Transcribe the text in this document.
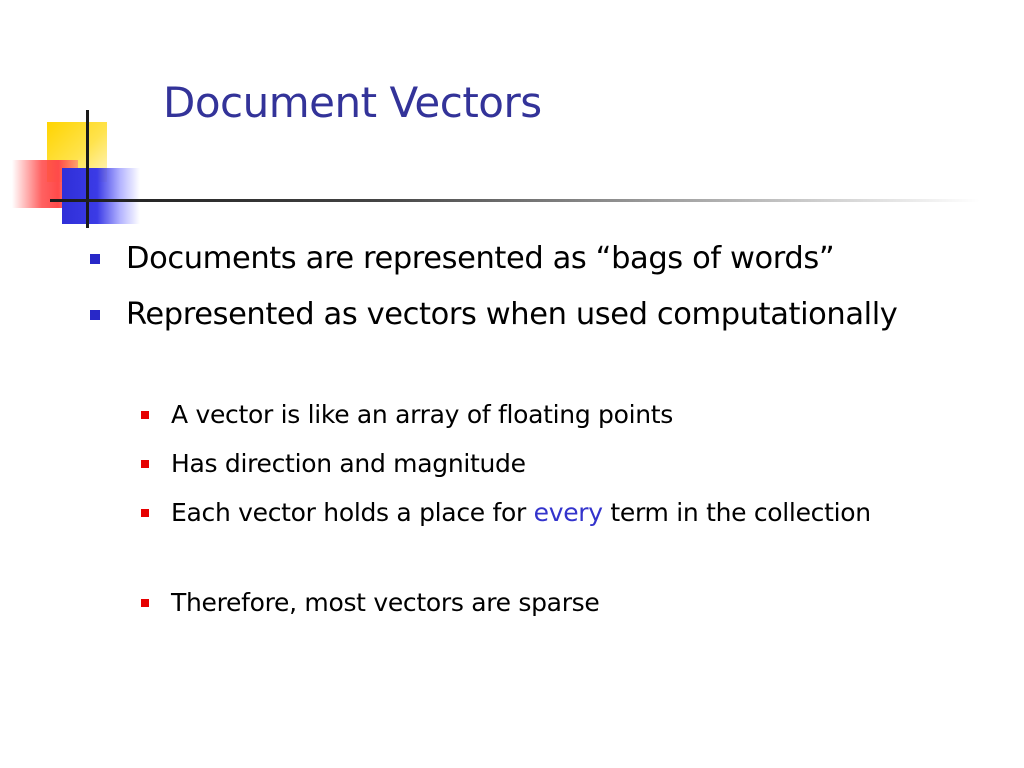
Document Vectors
Documents are represented as “bags of words”
Represented as vectors when used computationally
A vector is like an array of floating points
Has direction and magnitude
Each vector holds a place for every term in the collection
Therefore, most vectors are sparse
